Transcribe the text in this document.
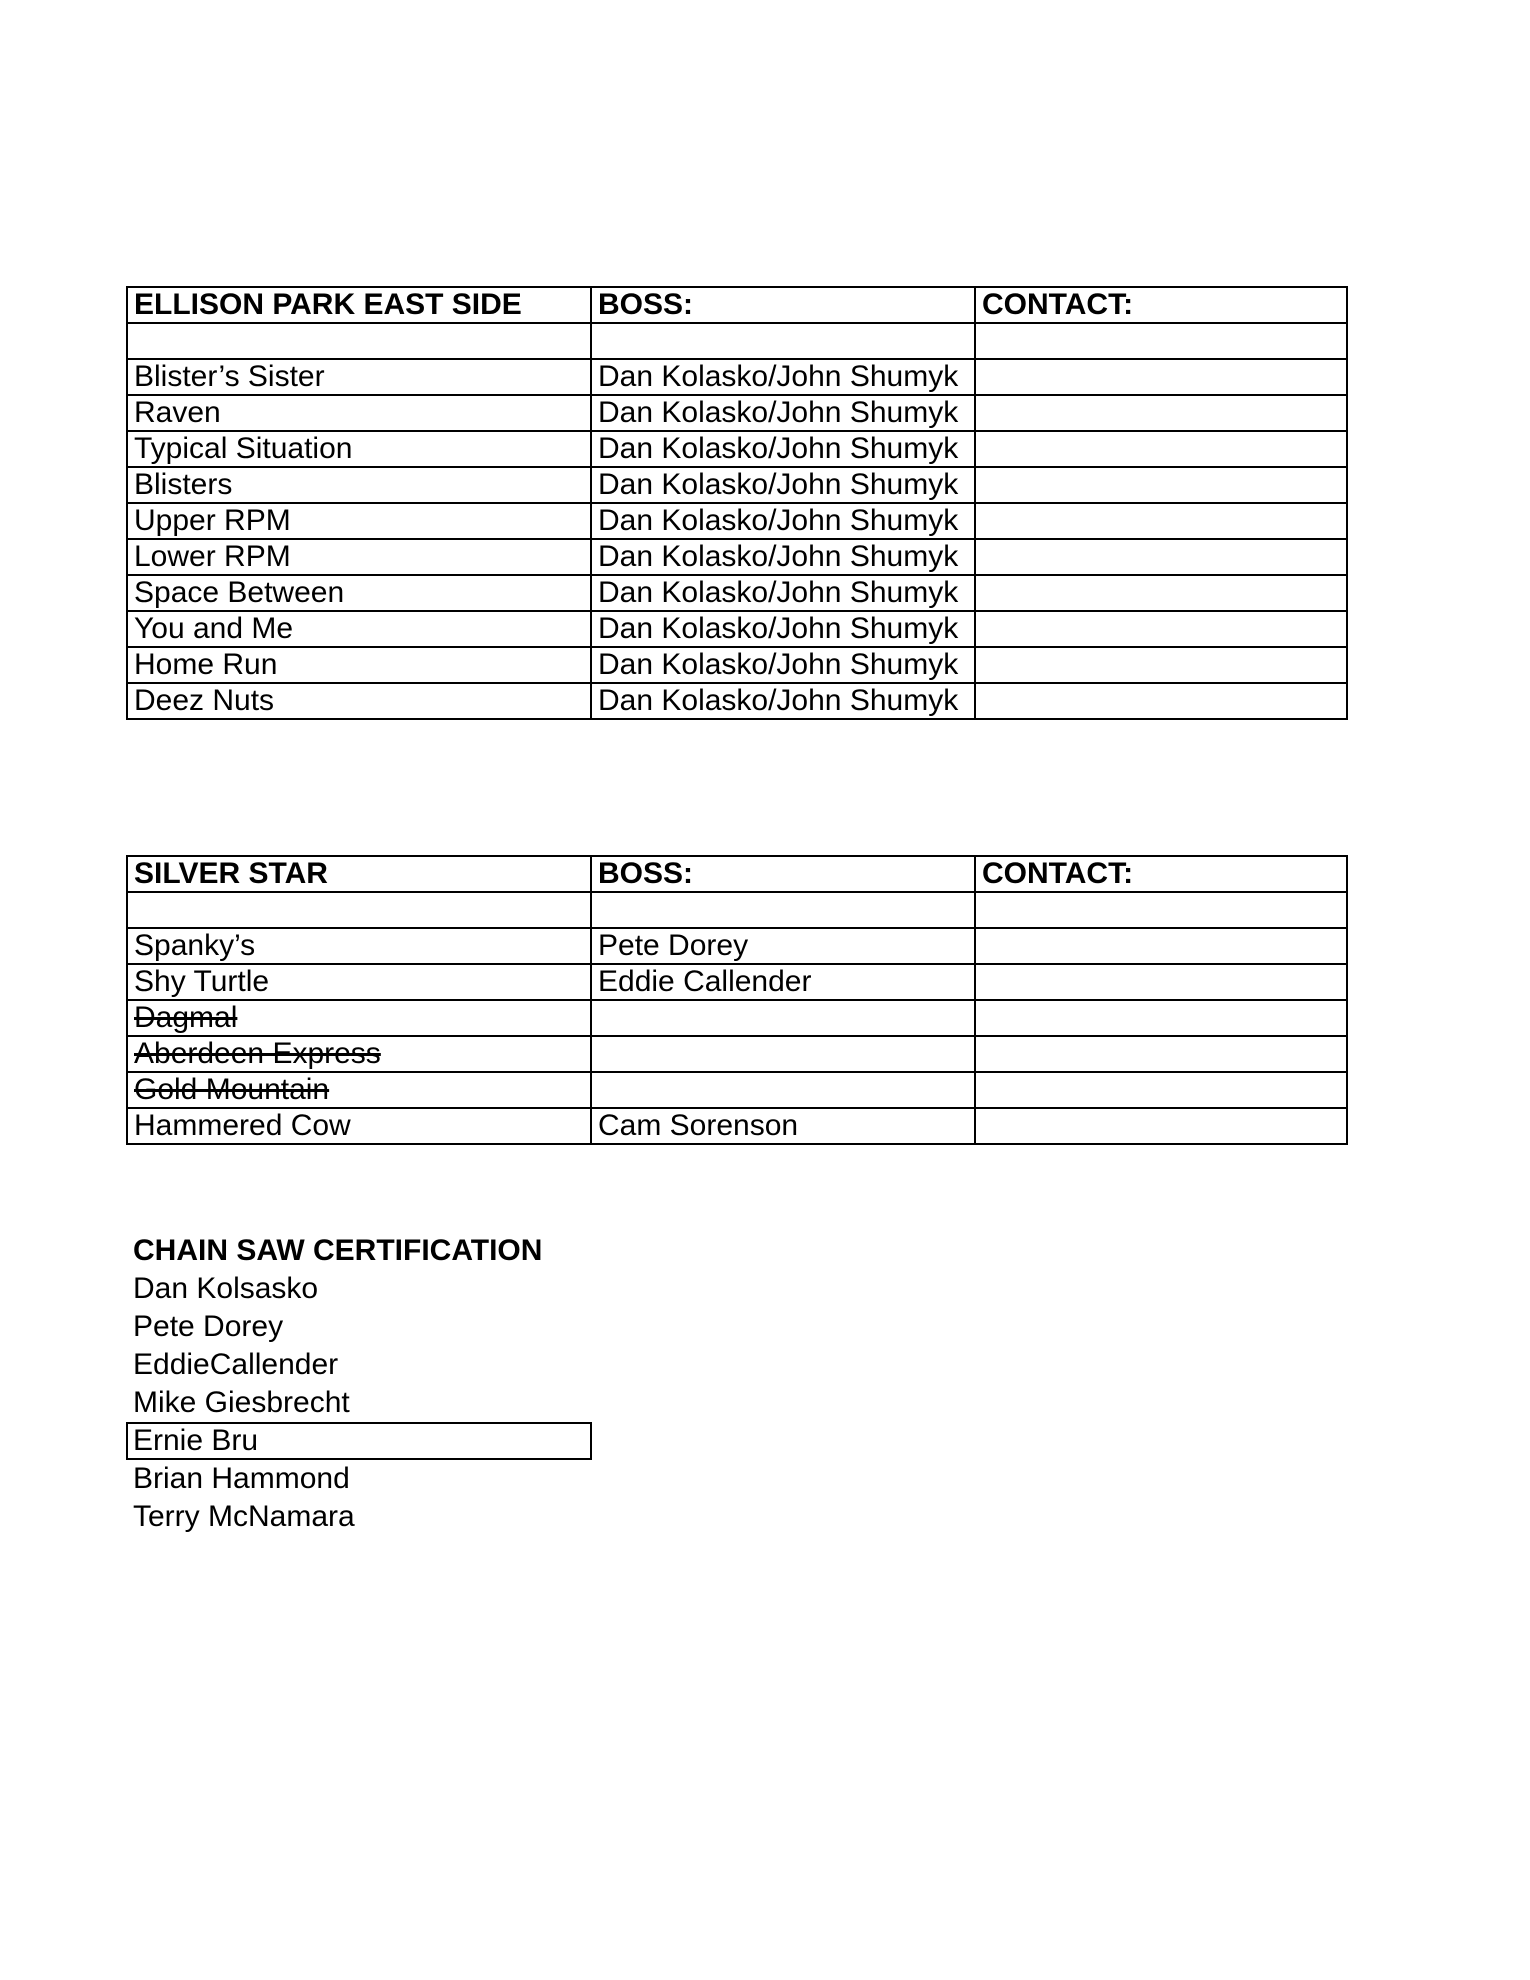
ELLISON PARK EAST SIDE	BOSS:	CONTACT:

Blister’s Sister	Dan Kolasko/John Shumyk	
Raven	Dan Kolasko/John Shumyk	
Typical Situation	Dan Kolasko/John Shumyk	
Blisters	Dan Kolasko/John Shumyk	
Upper RPM	Dan Kolasko/John Shumyk	
Lower RPM	Dan Kolasko/John Shumyk	
Space Between	Dan Kolasko/John Shumyk	
You and Me	Dan Kolasko/John Shumyk	
Home Run	Dan Kolasko/John Shumyk	
Deez Nuts	Dan Kolasko/John Shumyk	
SILVER STAR	BOSS:	CONTACT:

Spanky’s	Pete Dorey	
Shy Turtle	Eddie Callender	
Dagmal		
Aberdeen Express		
Gold Mountain		
Hammered Cow	Cam Sorenson	
CHAIN SAW CERTIFICATION
Dan Kolsasko
Pete Dorey
EddieCallender
Mike Giesbrecht
Ernie Bru
Brian Hammond
Terry McNamara
